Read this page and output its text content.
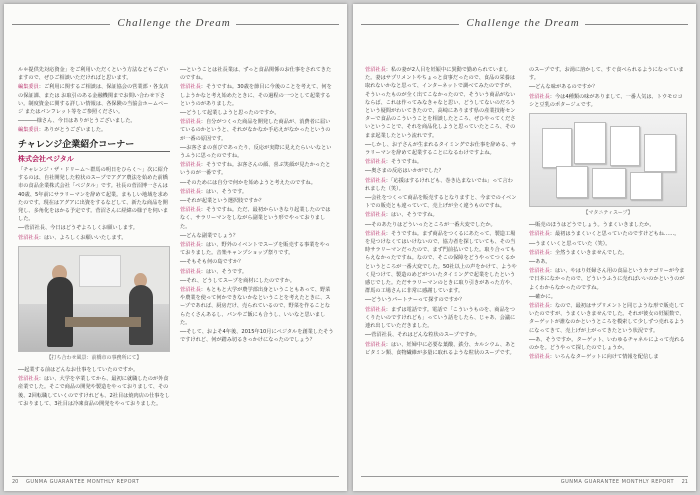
Challenge the Dream

ル＊提供先対応資金」をご利用いただくという方法などもございますので、ぜひご相談いただければと思います。

編集委員：ご利用に関するご相談は、保証協会の営業部・各支店の保証課、または お取引のある金融機関までお問い合わせ下さい。制度資金に関する詳しい情報は、各保険の当協会ホームページ またはパンフレット等をご参照ください。

──────様さん、今日はありがとうございました。

編集委員：ありがとうございました。

チャレンジ企業紹介コーナー
株式会社ペジタル

「チャレンジ・ザ・ドリーム～群馬の明日をひらく～」次に紹介するのは、自社開発した粒状のスープでアグア農法を始めた前橋市の食品企業株式会社「ペジタル」です。社長の菅沼博一さんは40歳、5年前にサラリーマンを辞めて起業。まもしい地域を求めたのです。現在はアグアに出資をするなどして、新たな商品を開発し、多角化をはかる予定です。菅沼さんに経緯の様子を伺いました。

──菅沼社長、今日はどうぞよろしくお願いします。

菅沼社長：はい、よろしくお願いいたします。

【打ち合わせ風景：前橋市の事務所にて】

──起業する前はどんなお仕事をしていたのですか。

菅沼社長：はい、大学を卒業してから、最初に就職したのが外食産業でした。そこで商品の開発や製造をやっておりまして、その後、2回転職していくのですけれども、2社目は焼肉店の仕事をしておりまして、3社目は冷凍食品の開発をやっておりました。

──ということは社長業は、ずっと食品関係のお仕事をされてきたのですね。

菅沼社長：そうですね。30歳を節目に今後のことを考えて、何をしようかなと考え始めたときに、その過程の一つとして起業するというのがありました。

──どうして起業しようと思ったのですか。

菅沼社長：自分がつくった商品を開発した商品が、消費者に届いているのかというと、それがなかなか手応えがなかったというのが一番の原因です。

──お客さまの喜びであったり、反応が実際に見えたらいいなというふうに思ったのですね。

菅沼社長：そうですね。お客さんの顔、喜ぶ笑顔が見たかったというのが一番です。

──そのためには自分で何かを始めようと考えたのですね。

菅沼社長：はい、そうです。

──それが起業という選択肢ですか？

菅沼社長：そうですね。ただ、最初からいきなり起業したのではなく、サラリーマンをしながら副業という形でやっておりました。

──どんな副業でしょう？

菅沼社長：はい、野外のイベントでスープを販売する事業をやっておりました。音楽キャンプショップ祭りです。

──そもそも何の島ですか？

菅沼社長：はい、そうです。

──それ、どうしてスープを商材にしたのですか。

菅沼社長：もともと大学が農学部出身ということもあって、野菜や農業を使って何かできないかなということを考えたときに、スープであれば、厨房だけ、売られているので、野菜を作ることならたくさんあるし、パンやご飯にも合うし、いいなと思いました。

──そして、およそ4年後、2015年10月にペジタルを創業したそうですけれど、何が踏み切るきっかけになったのでしょう？

20 GUNMA GUARANTEE MONTHLY REPORT
Challenge the Dream

菅沼社長：私の妻が2人目を妊娠中に異動で勤められていました。妻はサプリメントやちょっと食事だったので、食品の栄養は取れないかなと思って、インターネットで調べてみたのですが、そういったものが全く出てこなかったので、そういう商品がないならば、これは作ってみなきゃなと思い、どうしてないのだろうという疑問がわいてきたので、高崎にあります県の産業技術センターで食品のこういうことを相談したところ、ぜひやってくださいということで、それを商品化しようと思っていたところ、そのまま起業したという流れです。

──しかし、お子さんが生まれるタイミングでお仕事を辞める、サラリーマンを辞めて起業することになるわけですよね。

菅沼社長：そうですね。

──奥さまの反応はいかがでした？

菅沼社長：「応援はするけれども、巻き込まないでね」って言われました（笑）。

──会社をつくって商品を販売するとなりますと、今までのイベントでの販売とも違っていて、売上げが全く違うものですね。

菅沼社長：はい、そうですね。

──そのあたりはどういったところが一番大変でしたか。

菅沼社長：そうですね。まず商品をつくるにあたって、製造工場を見つけなくてはいけないので、協力者を探していても、その当時サラリーマンだったので、まず門前払いでした。取り合ってもらえなかったですね。なので、そこの保障をどうやってつくるかというところが一番大変でした。50社以上の声をかけて、ようやく見つけて、製造のめどがついたタイミングで起業をしたという感じでした。ただサラリーマンのときに取り引きがあった方や、群馬の工場さんに非常に感謝しています。

──どういうパートナーって探すのですか？

菅沼社長：まずは電話です。電話で「こういうものを、商品をつくりたいのですけれども」っていう話をしたら、じゃあ、会議に連れ出していただきました。

──菅沼社長、それはどんな粒状のスープですか。

菅沼社長：はい、妊婦中に必要な葉酸、鉄分、カルシウム、あとビタミン類、食物繊維が多量に取れるような粒状のスープです。

のスープです。お湯に溶かして、すぐ食べられるようになっています。

──どんな味があるのですか？

菅沼社長：今は4種類の味がありまして、一番人気は、トウモロコシと豆乳のポタージュです。

【マタニティスープ】

──販売のほうはどうでしょう。うまくいきましたか。

菅沼社長：最初はうまくいくと思っていたのですけどもね……。

──うまくいくと思っていた（笑）。

菅沼社長：全然うまくいきませんでした。

──ああ。

菅沼社長：はい、やはり妊婦さん用の食品というカテゴリーが今まで日本になかったので、どういうふうに売ればいいのかというのがよくわからなかったのですね。

──確かに。

菅沼社長：なので、最初はサプリメントと同じような形で販売していたのですが、うまくいきませんでした。それが彼女の妊娠数で、ターゲットが誰なのかというところを模索して少しずつ売れるようになってきて、売上げが上がってきたという状況です。

──あ、そうですか。ターゲット、いわゆるチャネルによって売れるのかを。どうやって探したのでしょうか。

菅沼社長：いろんなターゲットに向けて情報を配信しま

GUNMA GUARANTEE MONTHLY REPORT 21
